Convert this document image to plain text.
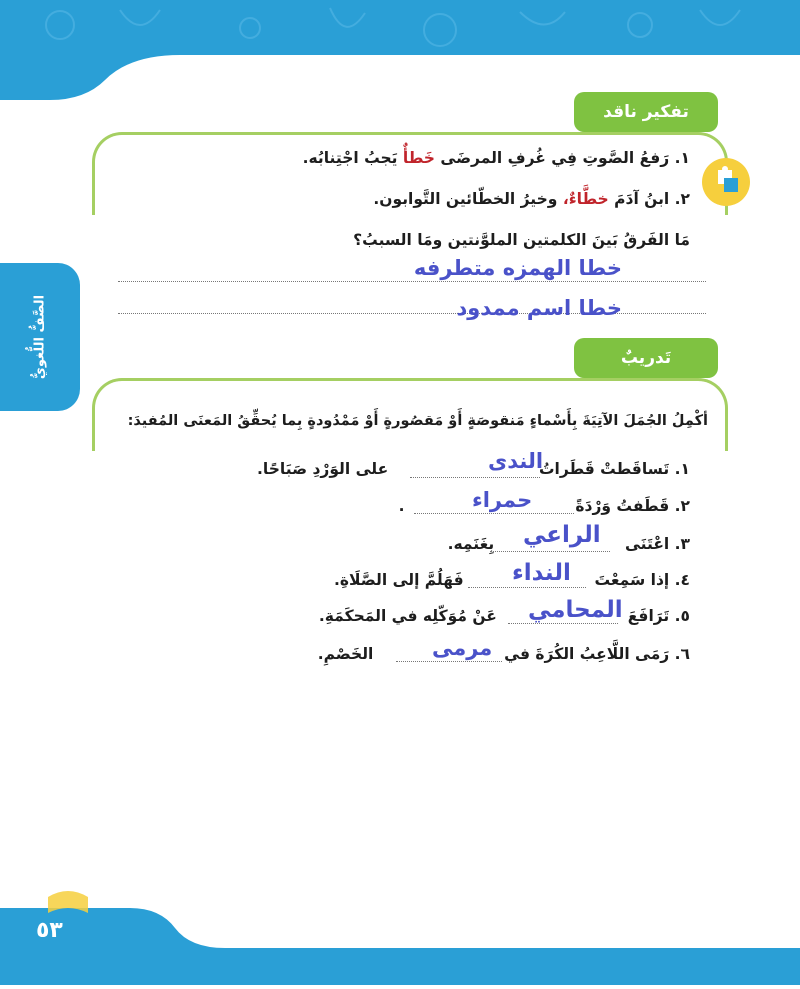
الصَّفُّ اللُّغويُّ
تفكير ناقد
١. رَفعُ الصَّوتِ فِي غُرفِ المرضَى خَطأٌ يَجبُ اجْتِنابُه.
٢. ابنُ آدَمَ خطَّاءٌ، وخيرُ الخطّائين التَّوابون.
مَا الفَرقُ بَينَ الكلمتين الملوَّنتين ومَا السببُ؟
خطا الهمزه متطرفه
خطا اسم ممدود
تَدريبٌ
أكْمِلُ الجُمَلَ الآتِيَةَ بِأَسْماءٍ مَنقوصَةٍ أَوْ مَقصُورةٍ أَوْ مَمْدُودةٍ بِما يُحقِّقُ المَعنَى المُفيدَ:
١. تَساقَطتْ قَطَراتُ  على الوَرْدِ صَبَاحًا.	الندى
٢. قَطَفتُ وَرْدَةً  .	حمراء
٣. اعْتَنَى  بِغَنَمِه.	الراعي
٤. إذا سَمِعْتَ  فَهَلُمَّ إلى الصَّلَاةِ.	النداء
٥. تَرَافَعَ  عَنْ مُوَكّلِه في المَحكَمَةِ.	المحامي
٦. رَمَى اللَّاعِبُ الكُرَةَ في  الخَصْمِ.	مرمى
٥٣
